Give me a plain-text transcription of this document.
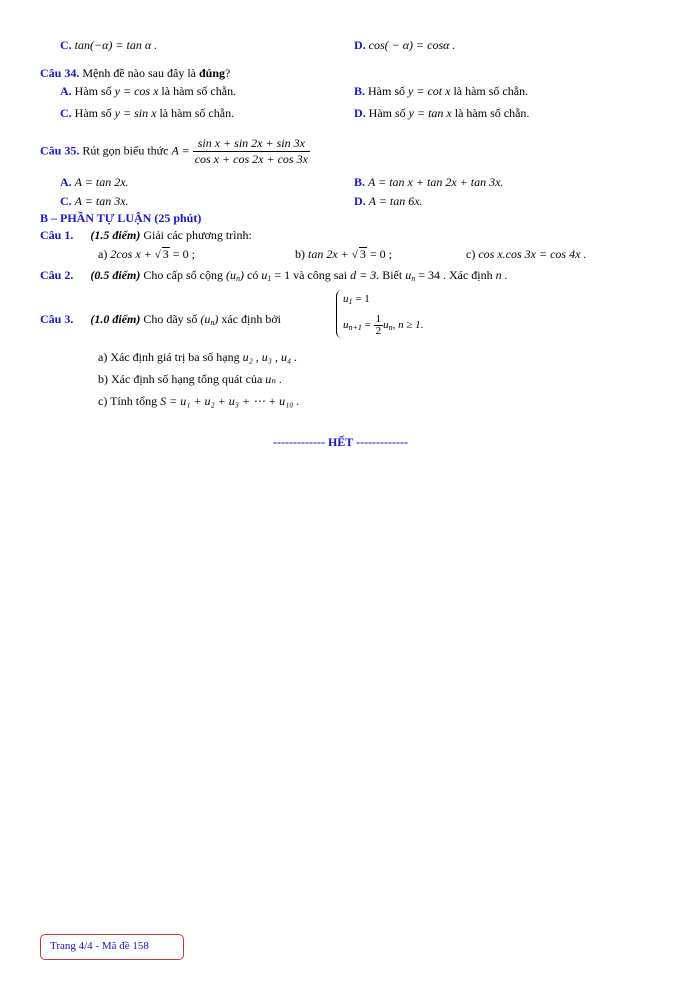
C. tan(−α) = tan α .	D. cos( − α) = cosα .
Câu 34. Mệnh đề nào sau đây là đúng?
A. Hàm số y = cos x là hàm số chẵn.	B. Hàm số y = cot x là hàm số chẵn.
C. Hàm số y = sin x là hàm số chẵn.	D. Hàm số y = tan x là hàm số chẵn.
Câu 35. Rút gọn biểu thức $A = \frac{\text{sin x + sin 2x + sin 3x}}{\text{cos x + cos 2x + cos 3x}}$
A. A = tan 2x.	B. A = tan x + tan 2x + tan 3x.
C. A = tan 3x.	D. A = tan 6x.
B – PHẦN TỰ LUẬN (25 phút)
Câu 1. (1.5 điểm) Giải các phương trình:
a) 2cos x + √ 3 = 0 ;	b) tan 2x + √ 3 = 0 ;	c) cos x.cos 3x = cos 4x .
Câu 2. (0.5 điểm) Cho cấp số cộng $(u_n)$ có $u_1 = 1$ và công sai d = 3. Biết $u_n = 34$ . Xác định n .
Câu 3. (1.0 điểm) Cho dãy số $(u_n)$ xác định bởi
$u_1 = 1$
$u_{n+1} = \frac{1}{2} u_n$, n ≥ 1.
a) Xác định giá trị ba số hạng u₂ , u₃ , u₄ .
b) Xác định số hạng tổng quát của uₙ .
c) Tính tổng S = u₁ + u₂ + u₃ + ⋯ + u₁₀ .
------------- HẾT -------------
Trang 4/4 - Mã đề 158
